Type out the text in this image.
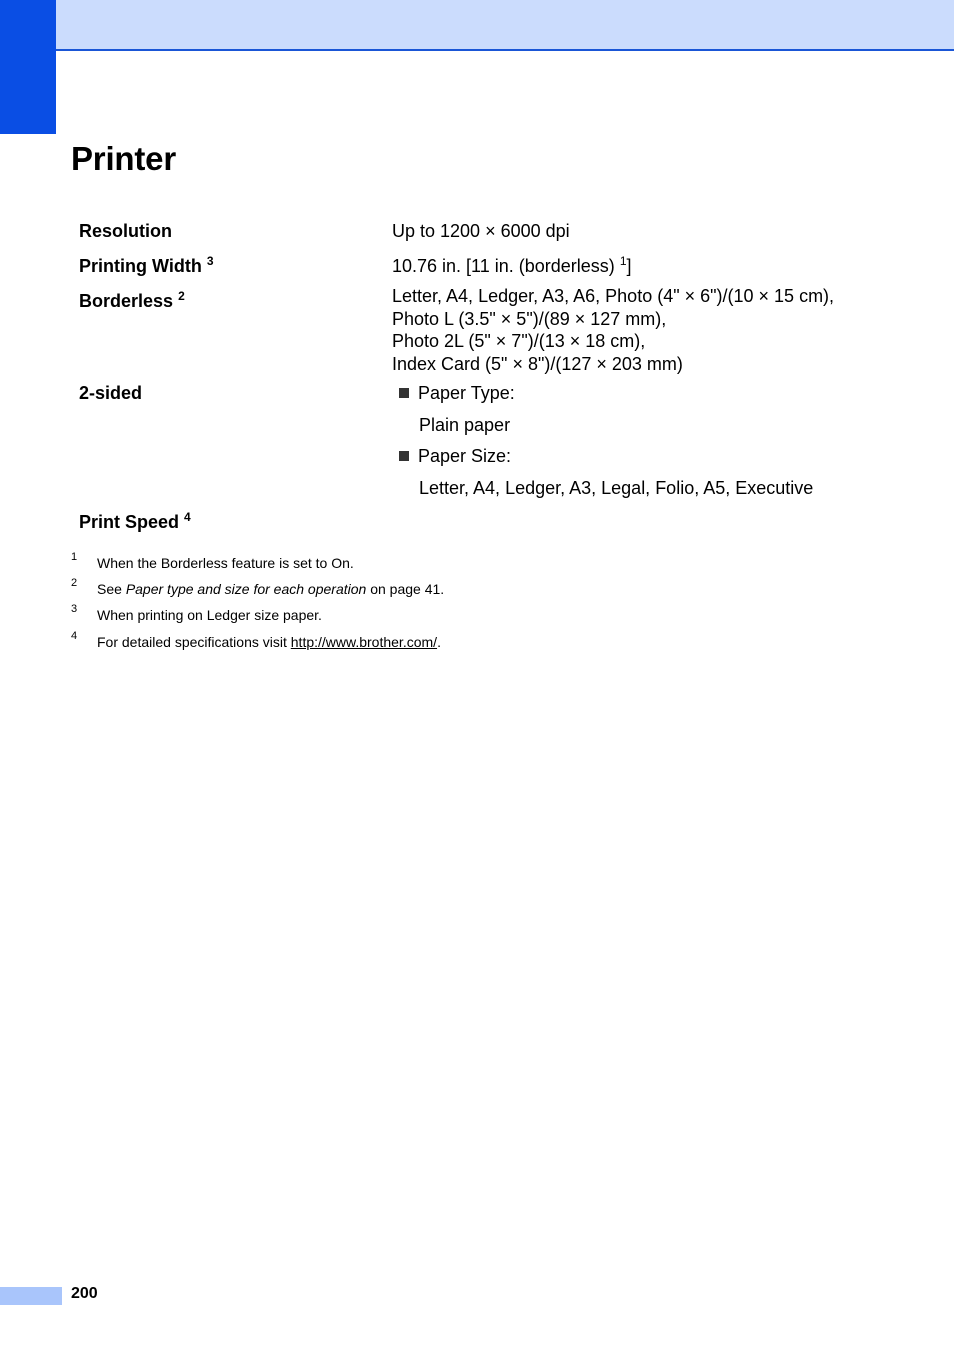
Printer
Resolution	Up to 1200 × 6000 dpi
Printing Width $^3$	10.76 in. [11 in. (borderless) $^1$]
Borderless $^2$	Letter, A4, Ledger, A3, A6, Photo (4" × 6")/(10 × 15 cm),
Photo L (3.5" × 5")/(89 × 127 mm),
Photo 2L (5" × 7")/(13 × 18 cm),
Index Card (5" × 8")/(127 × 203 mm)
2-sided	Paper Type:
Plain paper
Paper Size:
Letter, A4, Ledger, A3, Legal, Folio, A5, Executive
Print Speed $^4$
1 When the Borderless feature is set to On.
2 See Paper type and size for each operation on page 41.
3 When printing on Ledger size paper.
4 For detailed specifications visit http://www.brother.com/.
200
